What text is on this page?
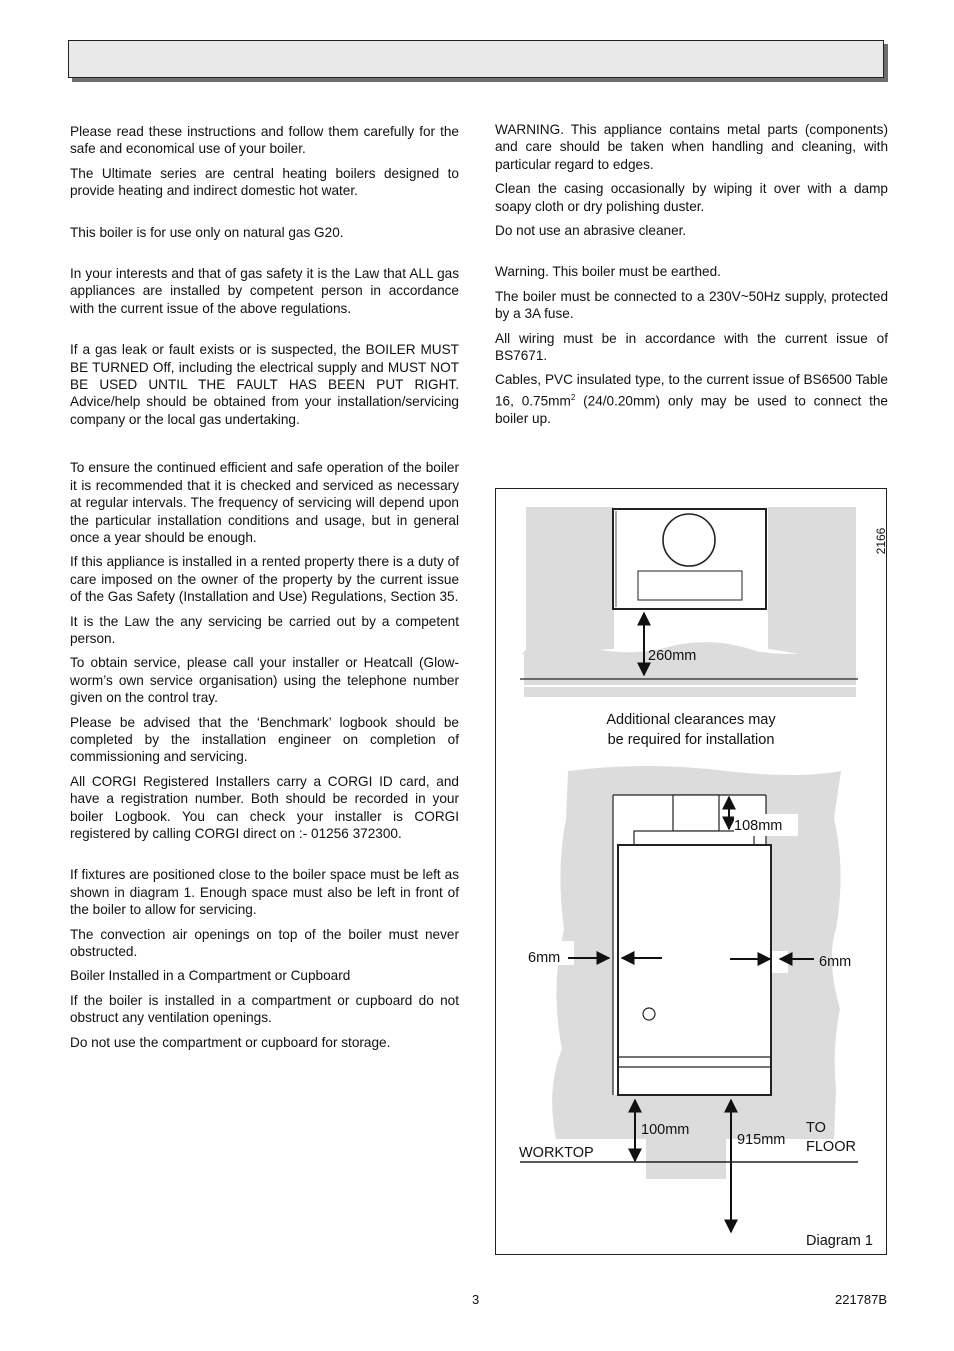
Please read these instructions and follow them carefully for the safe and economical use of your boiler.

The Ultimate series are central heating boilers designed to provide heating and indirect domestic hot water.

This boiler is for use only on natural gas G20.

In your interests and that of gas safety it is the Law that ALL gas appliances are installed by competent person in accordance with the current issue of the above regulations.

If a gas leak or fault exists or is suspected, the BOILER MUST BE TURNED Off, including the electrical supply and MUST NOT BE USED UNTIL THE FAULT HAS BEEN PUT RIGHT. Advice/help should be obtained from your installation/servicing company or the local gas undertaking.

To ensure the continued efficient and safe operation of the boiler it is recommended that it is checked and serviced as necessary at regular intervals. The frequency of servicing will depend upon the particular installation conditions and usage, but in general once a year should be enough.

If this appliance is installed in a rented property there is a duty of care imposed on the owner of the property by the current issue of the Gas Safety (Installation and Use) Regulations, Section 35.

It is the Law the any servicing be carried out by a competent person.

To obtain service, please call your installer or Heatcall (Glow-worm’s own service organisation) using the telephone number given on the control tray.

Please be advised that the ‘Benchmark’ logbook should be completed by the installation engineer on completion of commissioning and servicing.

All CORGI Registered Installers carry a CORGI ID card, and have a registration number. Both should be recorded in your boiler Logbook. You can check your installer is CORGI registered by calling CORGI direct on :- 01256 372300.

If fixtures are positioned close to the boiler space must be left as shown in diagram 1. Enough space must also be left in front of the boiler to allow for servicing.

The convection air openings on top of the boiler must never obstructed.

Boiler Installed in a Compartment or Cupboard

If the boiler is installed in a compartment or cupboard do not obstruct any ventilation openings.

Do not use the compartment or cupboard for storage.

WARNING. This appliance contains metal parts (components) and care should be taken when handling and cleaning, with particular regard to edges.

Clean the casing occasionally by wiping it over with a damp soapy cloth or dry polishing duster.

Do not use an abrasive cleaner.

Warning. This boiler must be earthed.

The boiler must be connected to a 230V~50Hz supply, protected by a 3A fuse.

All wiring must be in accordance with the current issue of BS7671.

Cables, PVC insulated type, to the current issue of BS6500 Table 16, $0.75mm^2$ (24/0.20mm) only may be used to connect the boiler up.

260mm
2166
Additional clearances may
be required for installation
108mm
6mm	6mm
100mm
915mm
TO
FLOOR
WORKTOP
Diagram 1
3	221787B
